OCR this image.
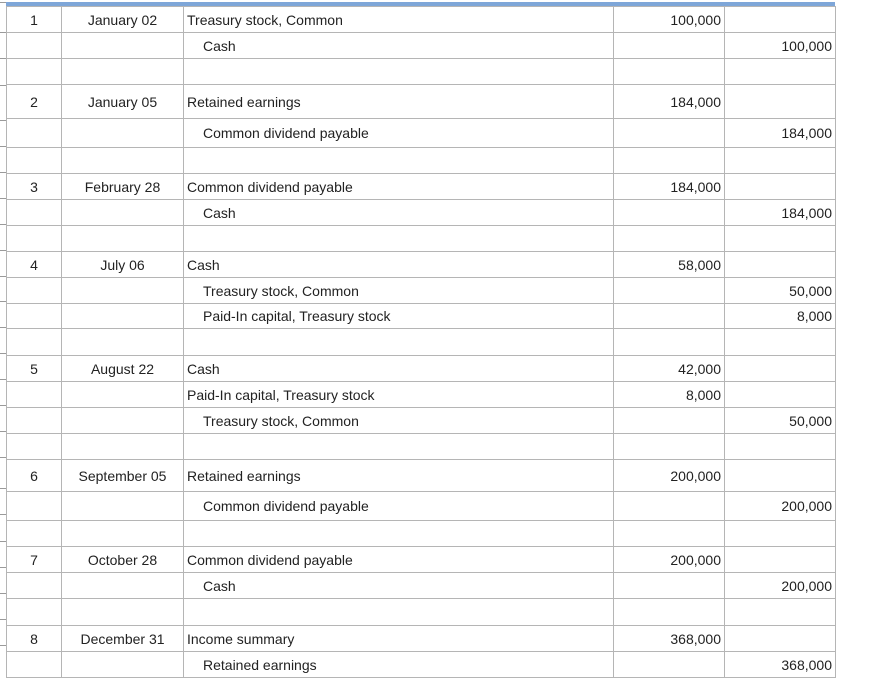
1	January 02	Treasury stock, Common	100,000	
		Cash		100,000

2	January 05	Retained earnings	184,000	
		Common dividend payable		184,000

3	February 28	Common dividend payable	184,000	
		Cash		184,000

4	July 06	Cash	58,000	
		Treasury stock, Common		50,000
		Paid-In capital, Treasury stock		8,000

5	August 22	Cash	42,000	
		Paid-In capital, Treasury stock	8,000	
		Treasury stock, Common		50,000

6	September 05	Retained earnings	200,000	
		Common dividend payable		200,000

7	October 28	Common dividend payable	200,000	
		Cash		200,000

8	December 31	Income summary	368,000	
		Retained earnings		368,000
